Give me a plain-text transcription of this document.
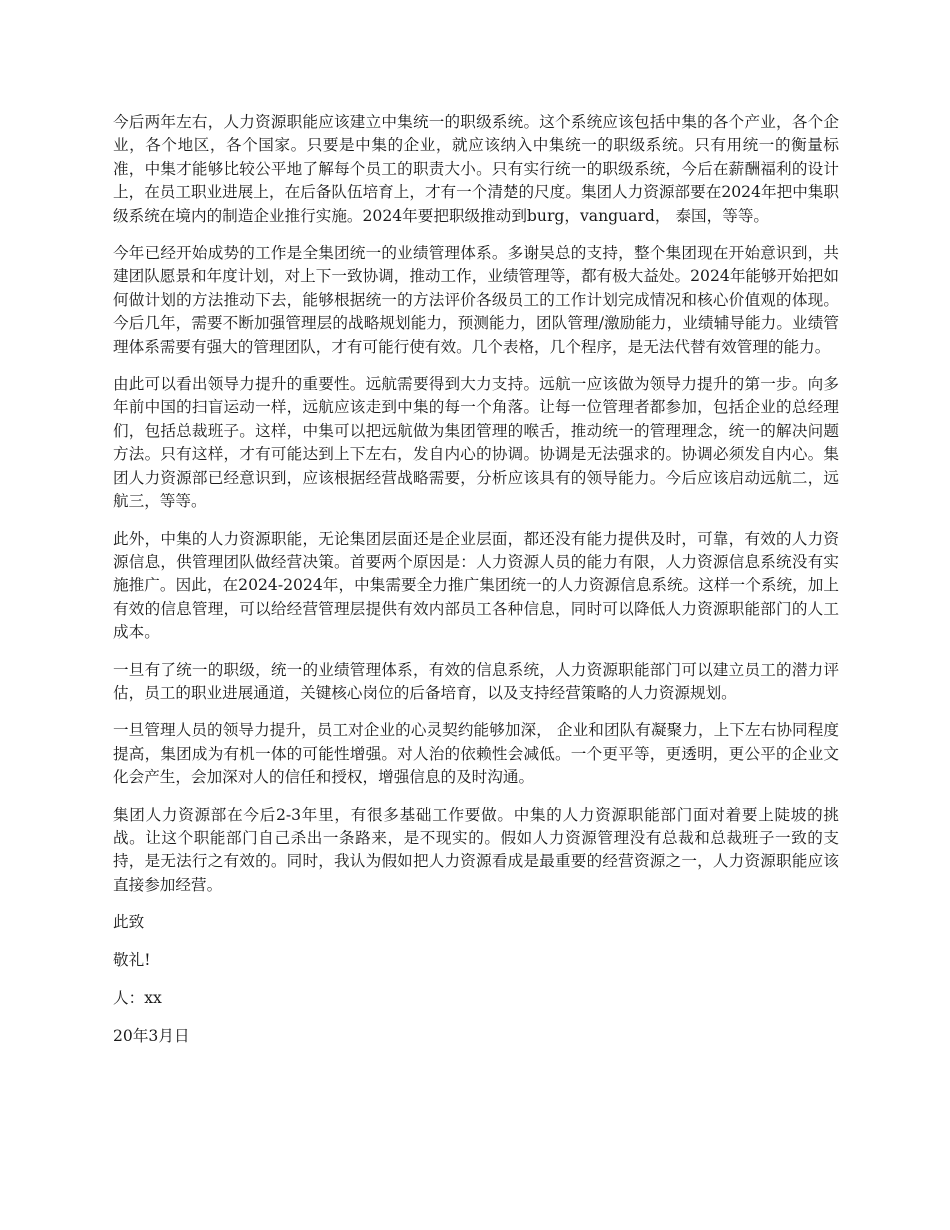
今后两年左右，人力资源职能应该建立中集统一的职级系统。这个系统应该包括中集的各个产业，各个企业，各个地区，各个国家。只要是中集的企业，就应该纳入中集统一的职级系统。只有用统一的衡量标准，中集才能够比较公平地了解每个员工的职责大小。只有实行统一的职级系统，今后在薪酬福利的设计上，在员工职业进展上，在后备队伍培育上，才有一个清楚的尺度。集团人力资源部要在2024年把中集职级系统在境内的制造企业推行实施。2024年要把职级推动到burg，vanguard， 泰国，等等。

今年已经开始成势的工作是全集团统一的业绩管理体系。多谢吴总的支持，整个集团现在开始意识到，共建团队愿景和年度计划，对上下一致协调，推动工作，业绩管理等，都有极大益处。2024年能够开始把如何做计划的方法推动下去，能够根据统一的方法评价各级员工的工作计划完成情况和核心价值观的体现。今后几年，需要不断加强管理层的战略规划能力，预测能力，团队管理/激励能力，业绩辅导能力。业绩管理体系需要有强大的管理团队，才有可能行使有效。几个表格，几个程序，是无法代替有效管理的能力。

由此可以看出领导力提升的重要性。远航需要得到大力支持。远航一应该做为领导力提升的第一步。向多年前中国的扫盲运动一样，远航应该走到中集的每一个角落。让每一位管理者都参加，包括企业的总经理们，包括总裁班子。这样，中集可以把远航做为集团管理的喉舌，推动统一的管理理念，统一的解决问题方法。只有这样，才有可能达到上下左右，发自内心的协调。协调是无法强求的。协调必须发自内心。集团人力资源部已经意识到，应该根据经营战略需要，分析应该具有的领导能力。今后应该启动远航二，远航三，等等。

此外，中集的人力资源职能，无论集团层面还是企业层面，都还没有能力提供及时，可靠，有效的人力资源信息，供管理团队做经营决策。首要两个原因是：人力资源人员的能力有限，人力资源信息系统没有实施推广。因此，在2024-2024年，中集需要全力推广集团统一的人力资源信息系统。这样一个系统，加上有效的信息管理，可以给经营管理层提供有效内部员工各种信息，同时可以降低人力资源职能部门的人工成本。

一旦有了统一的职级，统一的业绩管理体系，有效的信息系统，人力资源职能部门可以建立员工的潜力评估，员工的职业进展通道，关键核心岗位的后备培育，以及支持经营策略的人力资源规划。

一旦管理人员的领导力提升，员工对企业的心灵契约能够加深， 企业和团队有凝聚力，上下左右协同程度提高，集团成为有机一体的可能性增强。对人治的依赖性会减低。一个更平等，更透明，更公平的企业文化会产生，会加深对人的信任和授权，增强信息的及时沟通。

集团人力资源部在今后2-3年里，有很多基础工作要做。中集的人力资源职能部门面对着要上陡坡的挑战。让这个职能部门自己杀出一条路来，是不现实的。假如人力资源管理没有总裁和总裁班子一致的支持，是无法行之有效的。同时，我认为假如把人力资源看成是最重要的经营资源之一，人力资源职能应该直接参加经营。

此致

敬礼!

人：xx

20年3月日
